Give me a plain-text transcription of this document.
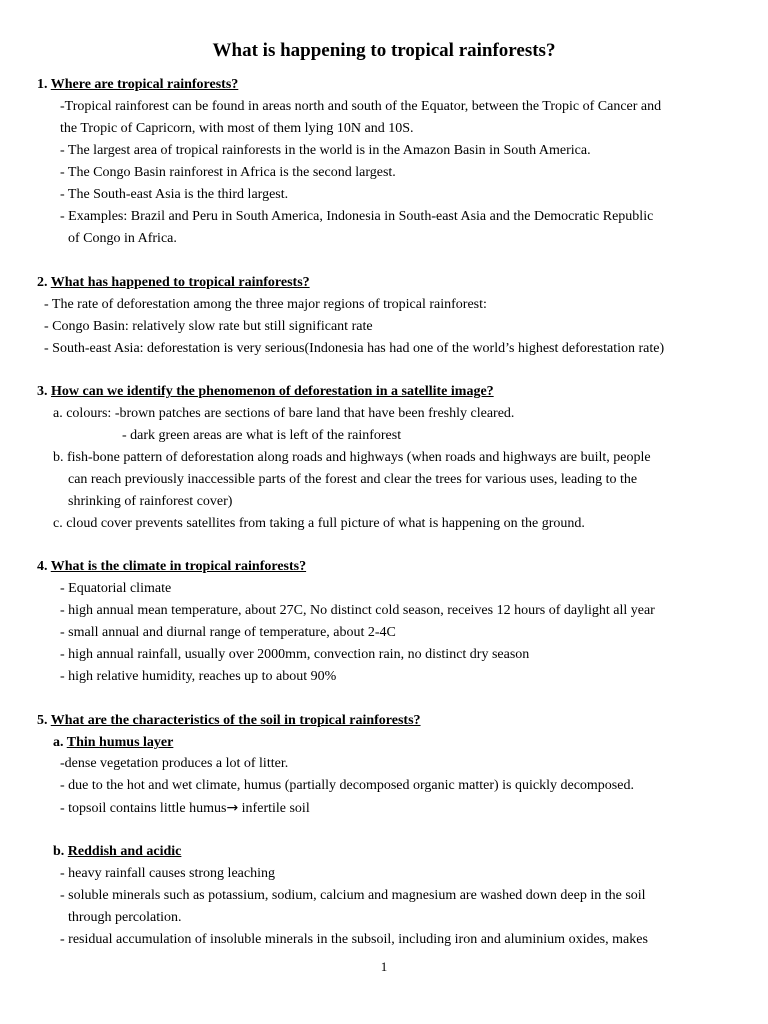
What is happening to tropical rainforests?
1. Where are tropical rainforests?
-Tropical rainforest can be found in areas north and south of the Equator, between the Tropic of Cancer and
the Tropic of Capricorn, with most of them lying 10N and 10S.
- The largest area of tropical rainforests in the world is in the Amazon Basin in South America.
- The Congo Basin rainforest in Africa is the second largest.
- The South-east Asia is the third largest.
- Examples: Brazil and Peru in South America, Indonesia in South-east Asia and the Democratic Republic
of Congo in Africa.
2. What has happened to tropical rainforests?
- The rate of deforestation among the three major regions of tropical rainforest:
- Congo Basin: relatively slow rate but still significant rate
- South-east Asia: deforestation is very serious(Indonesia has had one of the world’s highest deforestation rate)
3. How can we identify the phenomenon of deforestation in a satellite image?
a. colours: -brown patches are sections of bare land that have been freshly cleared.
- dark green areas are what is left of the rainforest
b. fish-bone pattern of deforestation along roads and highways (when roads and highways are built, people
can reach previously inaccessible parts of the forest and clear the trees for various uses, leading to the
shrinking of rainforest cover)
c. cloud cover prevents satellites from taking a full picture of what is happening on the ground.
4. What is the climate in tropical rainforests?
- Equatorial climate
- high annual mean temperature, about 27C, No distinct cold season, receives 12 hours of daylight all year
- small annual and diurnal range of temperature, about 2-4C
- high annual rainfall, usually over 2000mm, convection rain, no distinct dry season
- high relative humidity, reaches up to about 90%
5. What are the characteristics of the soil in tropical rainforests?
a. Thin humus layer
-dense vegetation produces a lot of litter.
- due to the hot and wet climate, humus (partially decomposed organic matter) is quickly decomposed.
- topsoil contains little humus→ infertile soil
b. Reddish and acidic
- heavy rainfall causes strong leaching
- soluble minerals such as potassium, sodium, calcium and magnesium are washed down deep in the soil
through percolation.
- residual accumulation of insoluble minerals in the subsoil, including iron and aluminium oxides, makes
1
